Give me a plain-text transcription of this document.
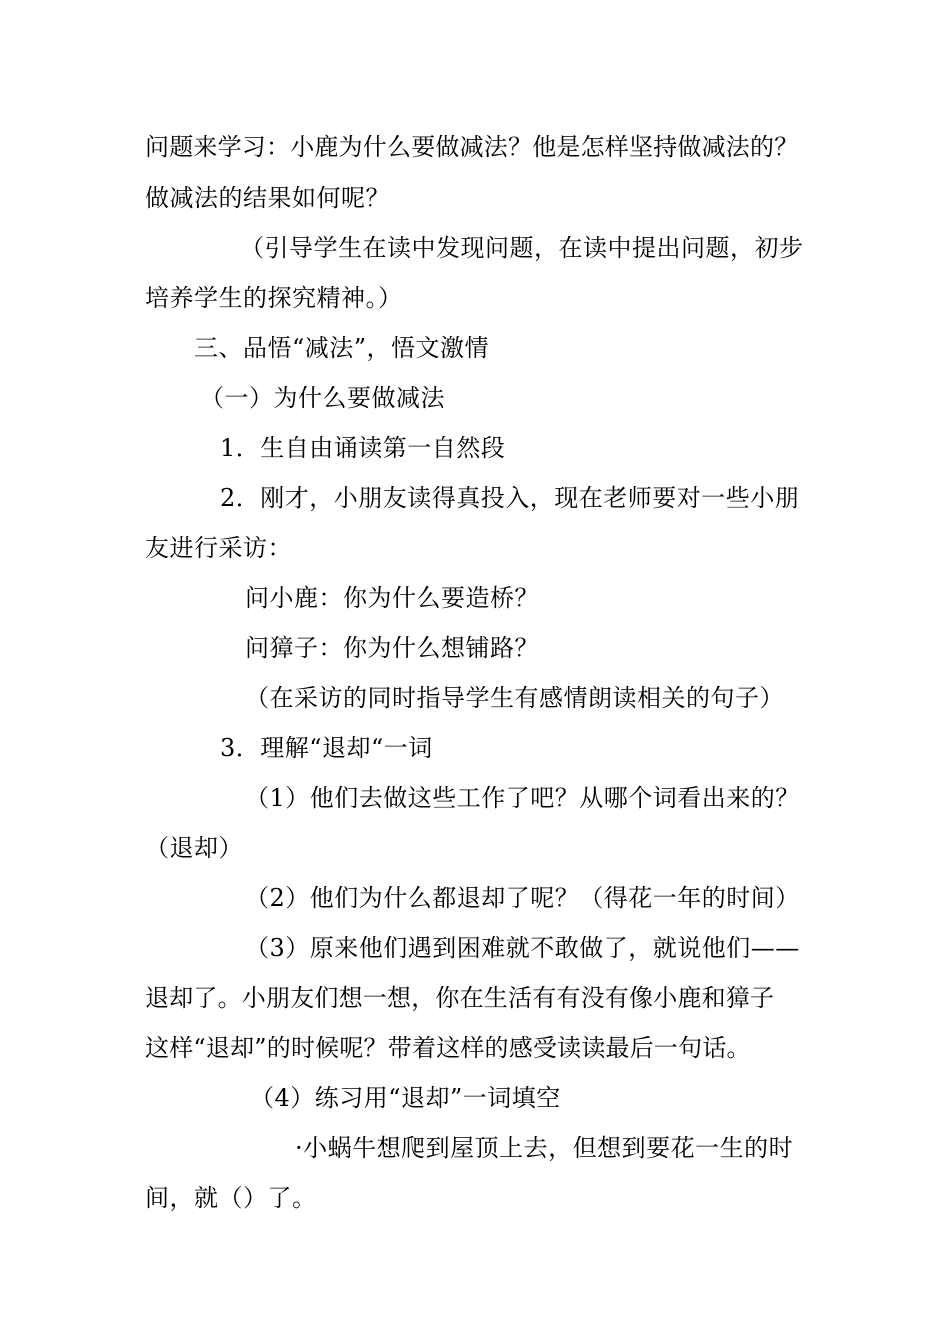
问题来学习：小鹿为什么要做减法？他是怎样坚持做减法的？
做减法的结果如何呢？
（引导学生在读中发现问题，在读中提出问题，初步
培养学生的探究精神。）
三、品悟“减法”，悟文激情
（一）为什么要做减法
1．生自由诵读第一自然段
2．刚才，小朋友读得真投入，现在老师要对一些小朋
友进行采访：
问小鹿：你为什么要造桥？
问獐子：你为什么想铺路？
（在采访的同时指导学生有感情朗读相关的句子）
3．理解“退却“一词
（1）他们去做这些工作了吧？从哪个词看出来的？
（退却）
（2）他们为什么都退却了呢？（得花一年的时间）
（3）原来他们遇到困难就不敢做了，就说他们——
退却了。小朋友们想一想，你在生活有有没有像小鹿和獐子
这样“退却”的时候呢？带着这样的感受读读最后一句话。
（4）练习用“退却”一词填空
·小蜗牛想爬到屋顶上去，但想到要花一生的时
间，就（）了。
